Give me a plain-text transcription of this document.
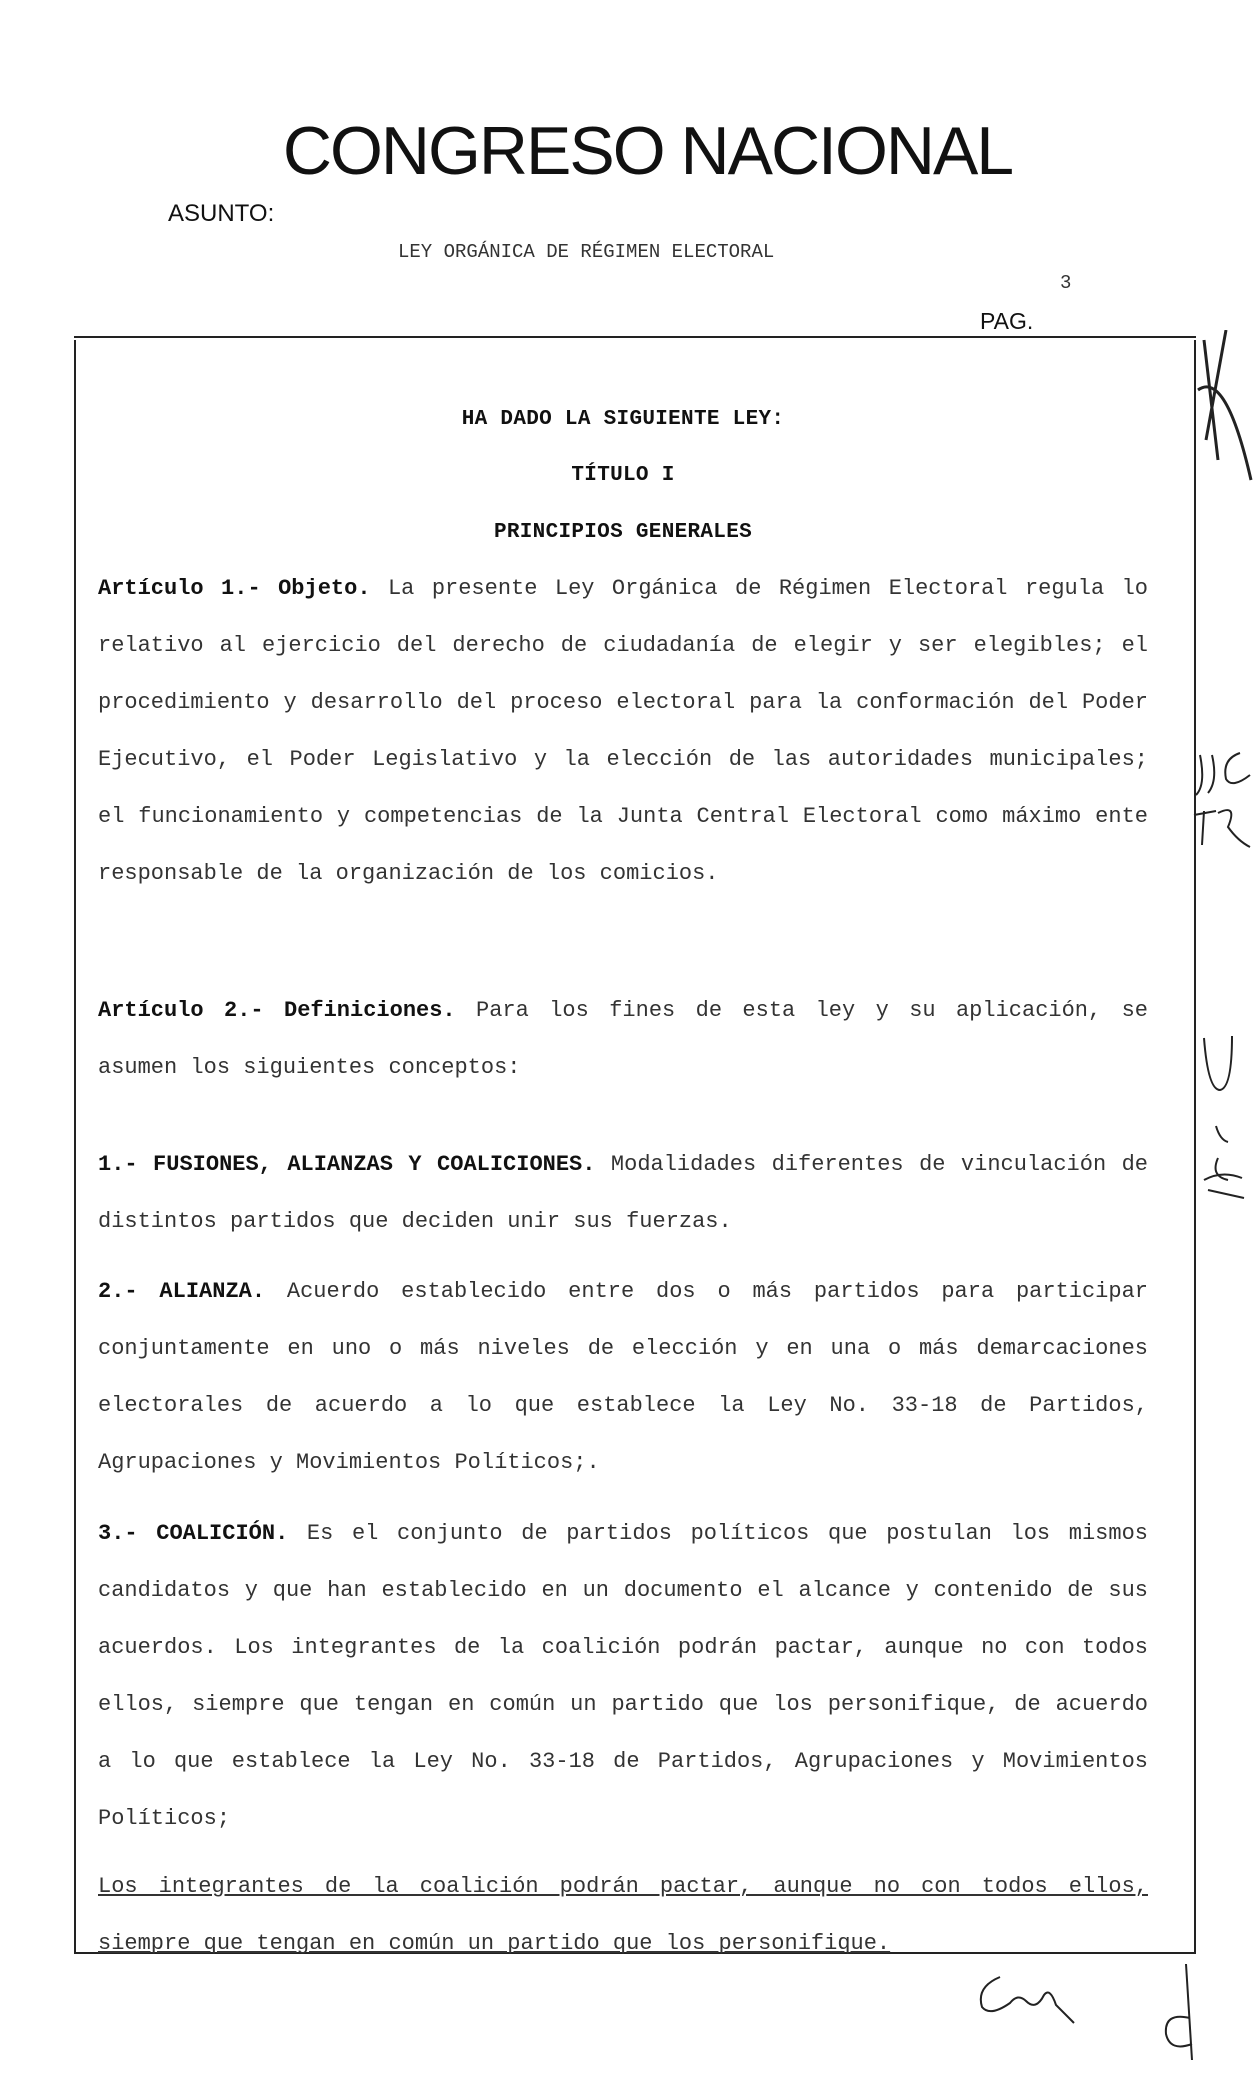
CONGRESO NACIONAL
ASUNTO:
LEY ORGÁNICA DE RÉGIMEN ELECTORAL
3
PAG.
HA DADO LA SIGUIENTE LEY:
TÍTULO I
PRINCIPIOS GENERALES

Artículo 1.- Objeto. La presente Ley Orgánica de Régimen Electoral regula lo relativo al ejercicio del derecho de ciudadanía de elegir y ser elegibles; el procedimiento y desarrollo del proceso electoral para la conformación del Poder Ejecutivo, el Poder Legislativo y la elección de las autoridades municipales; el funcionamiento y competencias de la Junta Central Electoral como máximo ente responsable de la organización de los comicios.

Artículo 2.- Definiciones. Para los fines de esta ley y su aplicación, se asumen los siguientes conceptos:

1.- FUSIONES, ALIANZAS Y COALICIONES. Modalidades diferentes de vinculación de distintos partidos que deciden unir sus fuerzas.

2.- ALIANZA. Acuerdo establecido entre dos o más partidos para participar conjuntamente en uno o más niveles de elección y en una o más demarcaciones electorales de acuerdo a lo que establece la Ley No. 33-18 de Partidos, Agrupaciones y Movimientos Políticos;.

3.- COALICIÓN. Es el conjunto de partidos políticos que postulan los mismos candidatos y que han establecido en un documento el alcance y contenido de sus acuerdos. Los integrantes de la coalición podrán pactar, aunque no con todos ellos, siempre que tengan en común un partido que los personifique, de acuerdo a lo que establece la Ley No. 33-18 de Partidos, Agrupaciones y Movimientos Políticos;

Los integrantes de la coalición podrán pactar, aunque no con todos ellos, siempre que tengan en común un partido que los personifique.
